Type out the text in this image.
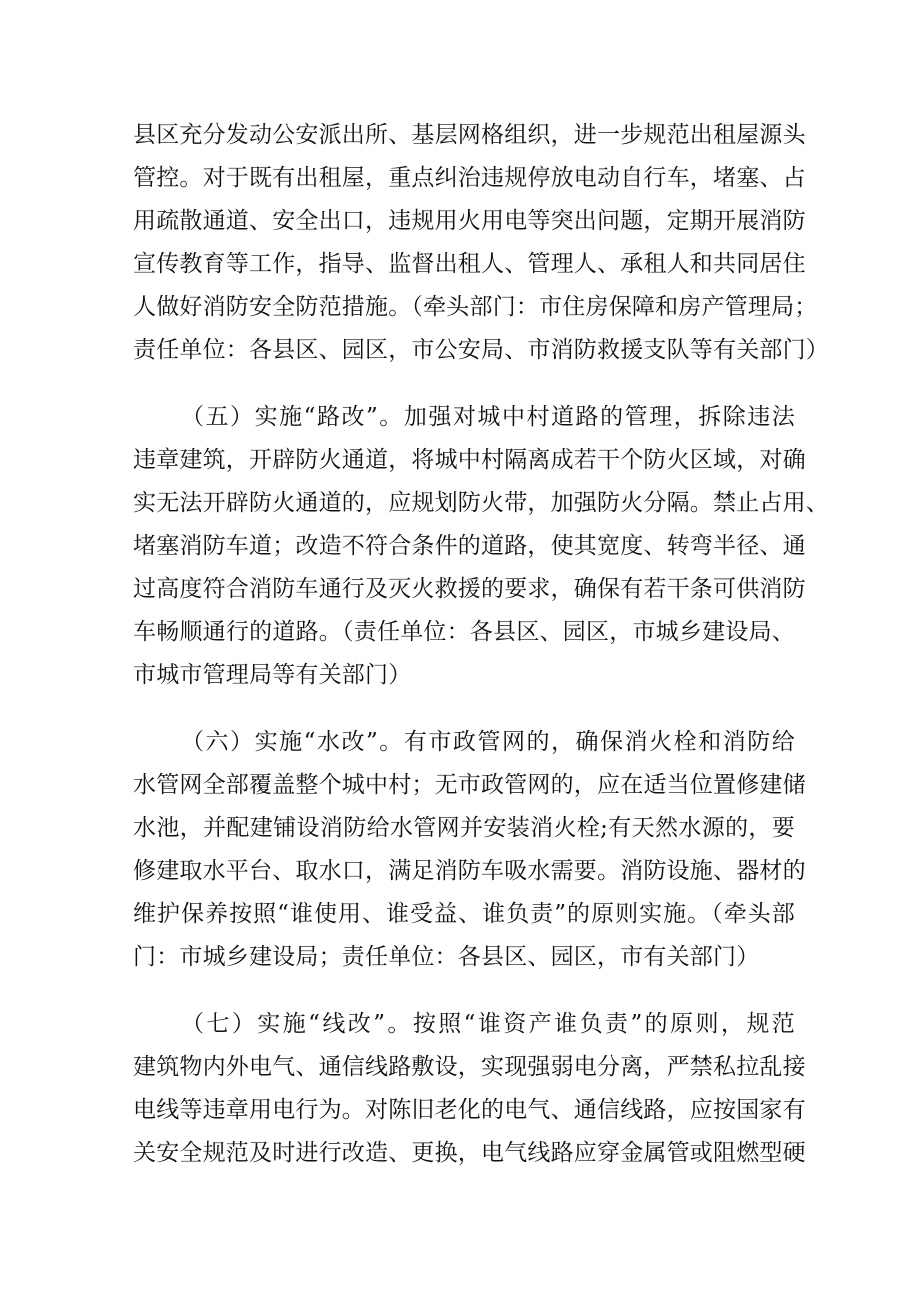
县区充分发动公安派出所、基层网格组织，进一步规范出租屋源头
管控。对于既有出租屋，重点纠治违规停放电动自行车，堵塞、占
用疏散通道、安全出口，违规用火用电等突出问题，定期开展消防
宣传教育等工作，指导、监督出租人、管理人、承租人和共同居住
人做好消防安全防范措施。（牵头部门：市住房保障和房产管理局；
责任单位：各县区、园区，市公安局、市消防救援支队等有关部门）
（五）实施“路改”。加强对城中村道路的管理，拆除违法
违章建筑，开辟防火通道，将城中村隔离成若干个防火区域，对确
实无法开辟防火通道的，应规划防火带，加强防火分隔。禁止占用、
堵塞消防车道；改造不符合条件的道路，使其宽度、转弯半径、通
过高度符合消防车通行及灭火救援的要求，确保有若干条可供消防
车畅顺通行的道路。（责任单位：各县区、园区，市城乡建设局、
市城市管理局等有关部门）
（六）实施“水改”。有市政管网的，确保消火栓和消防给
水管网全部覆盖整个城中村；无市政管网的，应在适当位置修建储
水池，并配建铺设消防给水管网并安装消火栓;有天然水源的，要
修建取水平台、取水口，满足消防车吸水需要。消防设施、器材的
维护保养按照“谁使用、谁受益、谁负责”的原则实施。（牵头部
门：市城乡建设局；责任单位：各县区、园区，市有关部门）
（七）实施“线改”。按照“谁资产谁负责”的原则，规范
建筑物内外电气、通信线路敷设，实现强弱电分离，严禁私拉乱接
电线等违章用电行为。对陈旧老化的电气、通信线路，应按国家有
关安全规范及时进行改造、更换，电气线路应穿金属管或阻燃型硬
